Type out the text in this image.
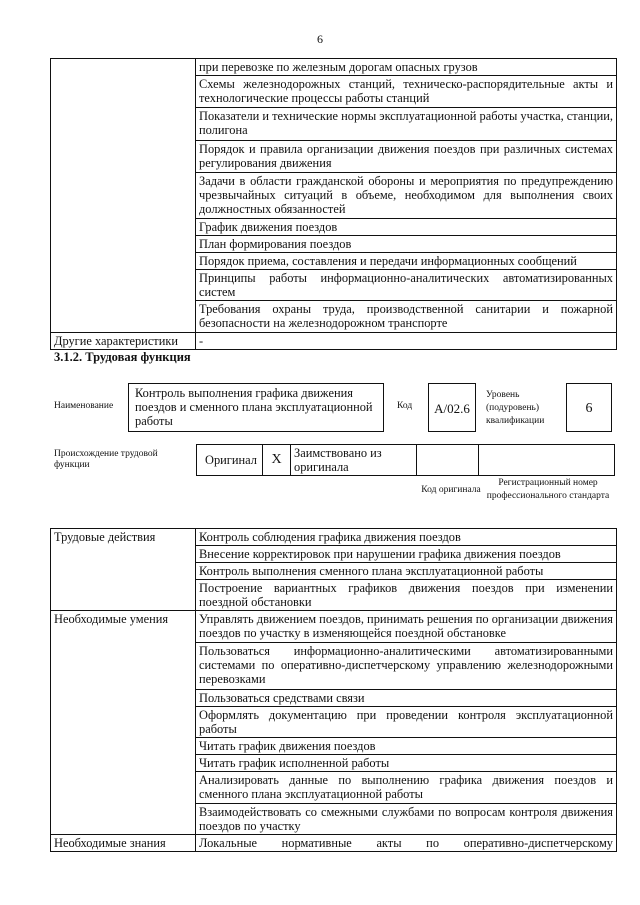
6
	при перевозке по железным дорогам опасных грузов
	Схемы железнодорожных станций, техническо-распорядительные акты и технологические процессы работы станций
	Показатели и технические нормы эксплуатационной работы участка, станции, полигона
	Порядок и правила организации движения поездов при различных системах регулирования движения
	Задачи в области гражданской обороны и мероприятия по предупреждению чрезвычайных ситуаций в объеме, необходимом для выполнения своих должностных обязанностей
	График движения поездов
	План формирования поездов
	Порядок приема, составления и передачи информационных сообщений
	Принципы работы информационно-аналитических автоматизированных систем
	Требования охраны труда, производственной санитарии и пожарной безопасности на железнодорожном транспорте
Другие характеристики	-
3.1.2. Трудовая функция
Наименование
Контроль выполнения графика движения поездов и сменного плана эксплуатационной работы
Код	А/02.6
Уровень (подуровень) квалификации
6
Происхождение трудовой функции	Оригинал	X	Заимствовано из оригинала		
Код оригинала
Регистрационный номер профессионального стандарта
Трудовые действия	Контроль соблюдения графика движения поездов
	Внесение корректировок при нарушении графика движения поездов
	Контроль выполнения сменного плана эксплуатационной работы
	Построение вариантных графиков движения поездов при изменении поездной обстановки
Необходимые умения	Управлять движением поездов, принимать решения по организации движения поездов по участку в изменяющейся поездной обстановке
	Пользоваться информационно-аналитическими автоматизированными системами по оперативно-диспетчерскому управлению железнодорожными перевозками
	Пользоваться средствами связи
	Оформлять документацию при проведении контроля эксплуатационной работы
	Читать график движения поездов
	Читать график исполненной работы
	Анализировать данные по выполнению графика движения поездов и сменного плана эксплуатационной работы
	Взаимодействовать со смежными службами по вопросам контроля движения поездов по участку
Необходимые знания	Локальные нормативные акты по оперативно-диспетчерскому
